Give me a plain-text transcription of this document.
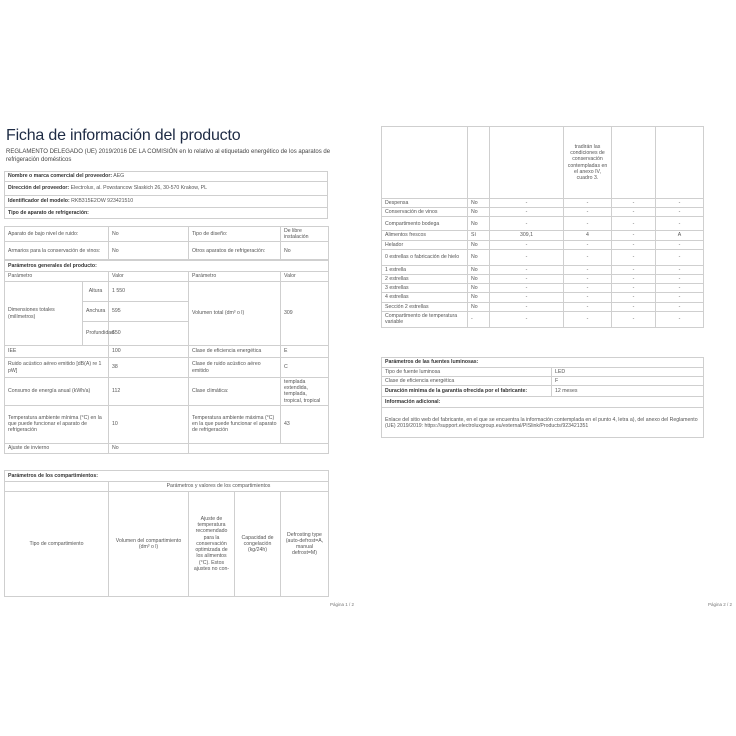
Ficha de información del producto
REGLAMENTO DELEGADO (UE) 2019/2016 DE LA COMISIÓN en lo relativo al etiquetado energético de los aparatos de refrigeración domésticos
Nombre o marca comercial del proveedor: AEG
Dirección del proveedor: Electrolux, al. Powstancow Slaskich 26, 30-570 Krakow, PL
Identificador del modelo: RKB315E2OW 923421510
Tipo de aparato de refrigeración:
Aparato de bajo nivel de ruido:	No	Tipo de diseño:	De libre instalación
Armarios para la conservación de vinos:	No	Otros aparatos de refrigeración:	No
Parámetros generales del producto:				
Parámetro		Valor	Parámetro	Valor
Dimensiones totales (milímetros)	Altura	1 550	Volumen total (dm³ o l)	309
	Anchura	595		
	Profundidad	650		
IEE		100	Clase de eficiencia energética	E
Ruido acústico aéreo emitido [dB(A) re 1 pW]		38	Clase de ruido acústico aéreo emitido	C
Consumo de energía anual (kWh/a)		112	Clase climática:	templada extendida, templada, tropical, tropical
Temperatura ambiente mínima (°C) en la que puede funcionar el aparato de refrigeración		10	Temperatura ambiente máxima (°C) en la que puede funcionar el aparato de refrigeración	43
Ajuste de invierno		No		
Parámetros de los compartimientos:				
	Parámetros y valores de los compartimientos			
Tipo de compartimiento	Volumen del compartimiento (dm³ o l)	Ajuste de temperatura recomendado para la conservación optimizada de los alimentos (°C). Estos ajustes no con-	Capacidad de congelación (kg/24h)	Defrosting type (auto-defrost=A, manual defrost=M)
Página 1 / 2
			tradirán las condiciones de conservación contempladas en el anexo IV, cuadro 3.		
Despensa	No	-	-	-	-
Conservación de vinos	No	-	-	-	-
Compartimento bodega	No	-	-	-	-
Alimentos frescos	Sí	309,1	4	-	A
Helador	No	-	-	-	-
0 estrellas o fabricación de hielo	No	-	-	-	-
1 estrella	No	-	-	-	-
2 estrellas	No	-	-	-	-
3 estrellas	No	-	-	-	-
4 estrellas	No	-	-	-	-
Sección 2 estrellas	No	-	-	-	-
Compartimento de temperatura variable	-	-	-	-	-
Parámetros de las fuentes luminosas:	
Tipo de fuente luminosa	LED
Clase de eficiencia energética	F
Duración mínima de la garantía ofrecida por el fabricante:	12 meses
Información adicional:	
Enlace del sitio web del fabricante, en el que se encuentra la información contemplada en el punto 4, letra a), del anexo del Reglamento (UE) 2019/2019: https://support.electroluxgroup.eu/external/PISlink/Products/923421351	
Página 2 / 2
